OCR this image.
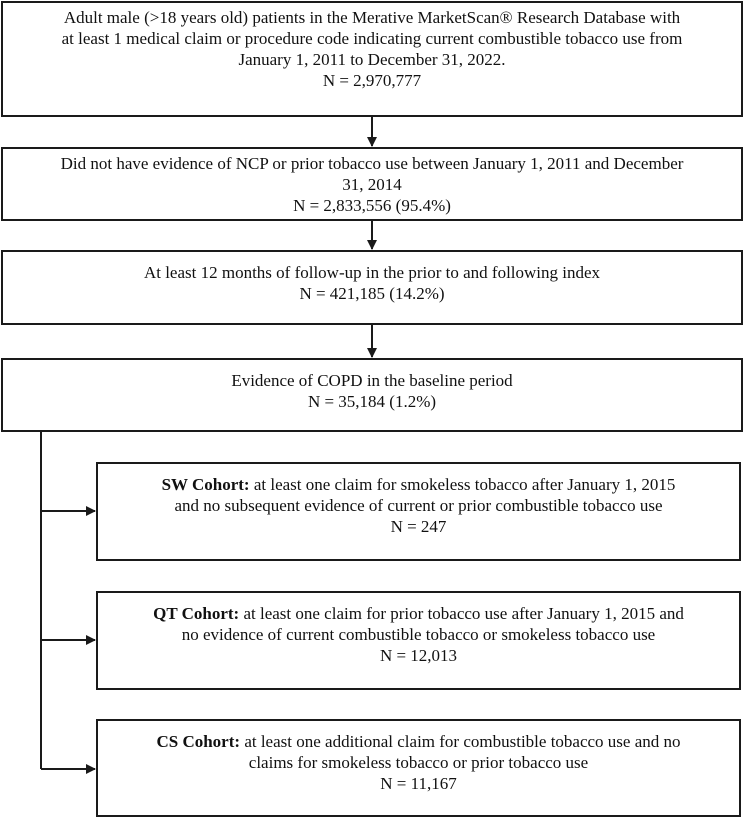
Adult male (>18 years old) patients in the Merative MarketScan® Research Database with
at least 1 medical claim or procedure code indicating current combustible tobacco use from
January 1, 2011 to December 31, 2022.
N = 2,970,777
Did not have evidence of NCP or prior tobacco use between January 1, 2011 and December
31, 2014
N = 2,833,556 (95.4%)
At least 12 months of follow-up in the prior to and following index
N = 421,185 (14.2%)
Evidence of COPD in the baseline period
N = 35,184 (1.2%)
SW Cohort: at least one claim for smokeless tobacco after January 1, 2015
and no subsequent evidence of current or prior combustible tobacco use
N = 247
QT Cohort: at least one claim for prior tobacco use after January 1, 2015 and
no evidence of current combustible tobacco or smokeless tobacco use
N = 12,013
CS Cohort: at least one additional claim for combustible tobacco use and no
claims for smokeless tobacco or prior tobacco use
N = 11,167
